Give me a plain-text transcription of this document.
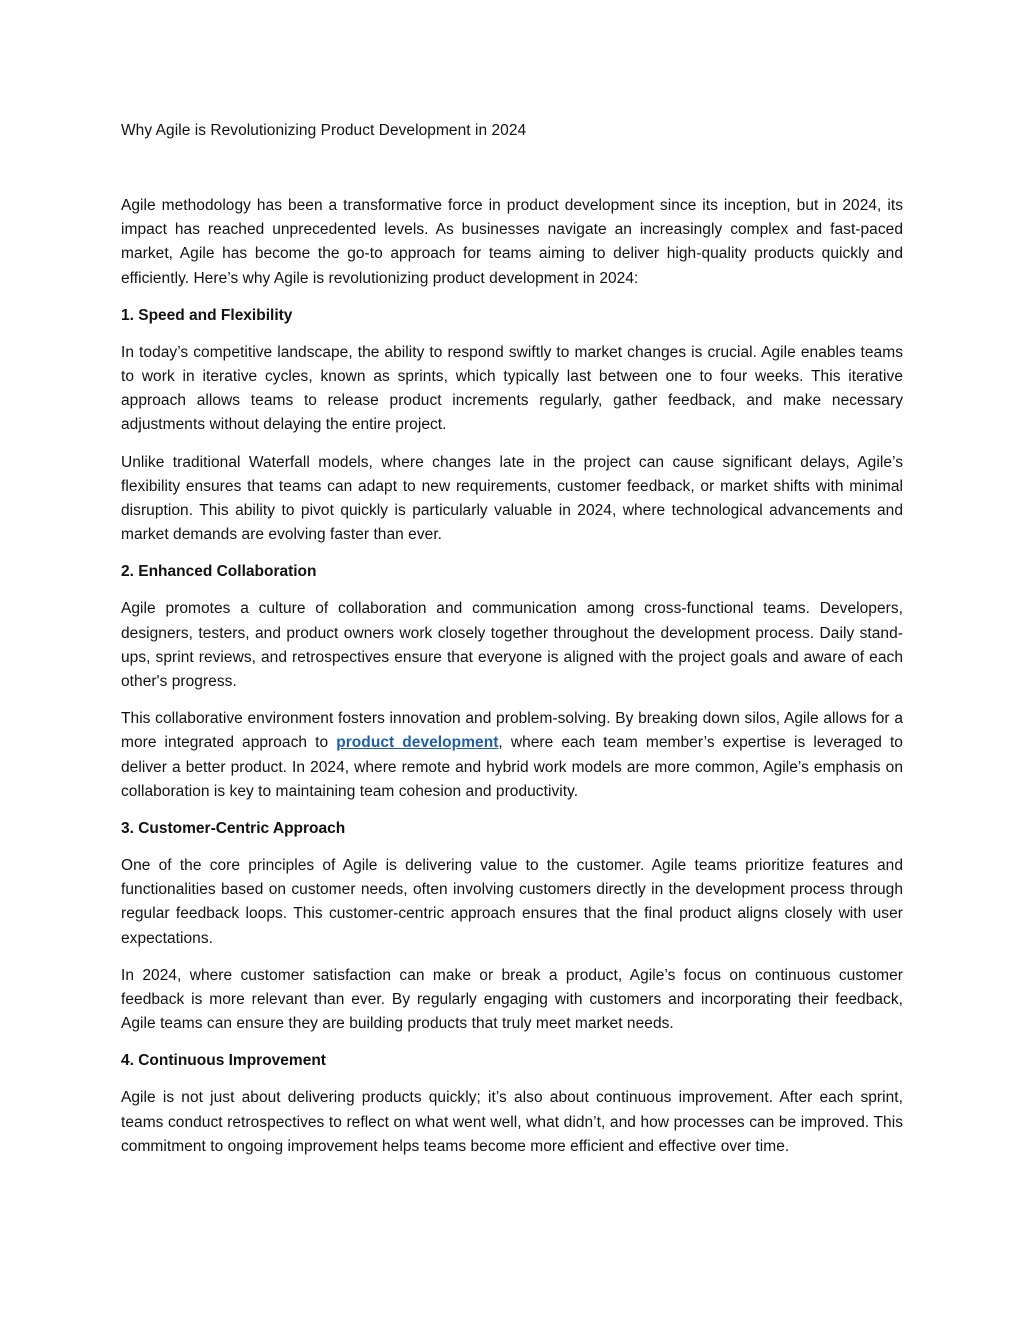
Why Agile is Revolutionizing Product Development in 2024

Agile methodology has been a transformative force in product development since its inception, but in 2024, its impact has reached unprecedented levels. As businesses navigate an increasingly complex and fast-paced market, Agile has become the go-to approach for teams aiming to deliver high-quality products quickly and efficiently. Here’s why Agile is revolutionizing product development in 2024:

1. Speed and Flexibility

In today’s competitive landscape, the ability to respond swiftly to market changes is crucial. Agile enables teams to work in iterative cycles, known as sprints, which typically last between one to four weeks. This iterative approach allows teams to release product increments regularly, gather feedback, and make necessary adjustments without delaying the entire project.

Unlike traditional Waterfall models, where changes late in the project can cause significant delays, Agile’s flexibility ensures that teams can adapt to new requirements, customer feedback, or market shifts with minimal disruption. This ability to pivot quickly is particularly valuable in 2024, where technological advancements and market demands are evolving faster than ever.

2. Enhanced Collaboration

Agile promotes a culture of collaboration and communication among cross-functional teams. Developers, designers, testers, and product owners work closely together throughout the development process. Daily stand-ups, sprint reviews, and retrospectives ensure that everyone is aligned with the project goals and aware of each other's progress.

This collaborative environment fosters innovation and problem-solving. By breaking down silos, Agile allows for a more integrated approach to product development, where each team member’s expertise is leveraged to deliver a better product. In 2024, where remote and hybrid work models are more common, Agile’s emphasis on collaboration is key to maintaining team cohesion and productivity.

3. Customer-Centric Approach

One of the core principles of Agile is delivering value to the customer. Agile teams prioritize features and functionalities based on customer needs, often involving customers directly in the development process through regular feedback loops. This customer-centric approach ensures that the final product aligns closely with user expectations.

In 2024, where customer satisfaction can make or break a product, Agile’s focus on continuous customer feedback is more relevant than ever. By regularly engaging with customers and incorporating their feedback, Agile teams can ensure they are building products that truly meet market needs.

4. Continuous Improvement

Agile is not just about delivering products quickly; it’s also about continuous improvement. After each sprint, teams conduct retrospectives to reflect on what went well, what didn’t, and how processes can be improved. This commitment to ongoing improvement helps teams become more efficient and effective over time.
